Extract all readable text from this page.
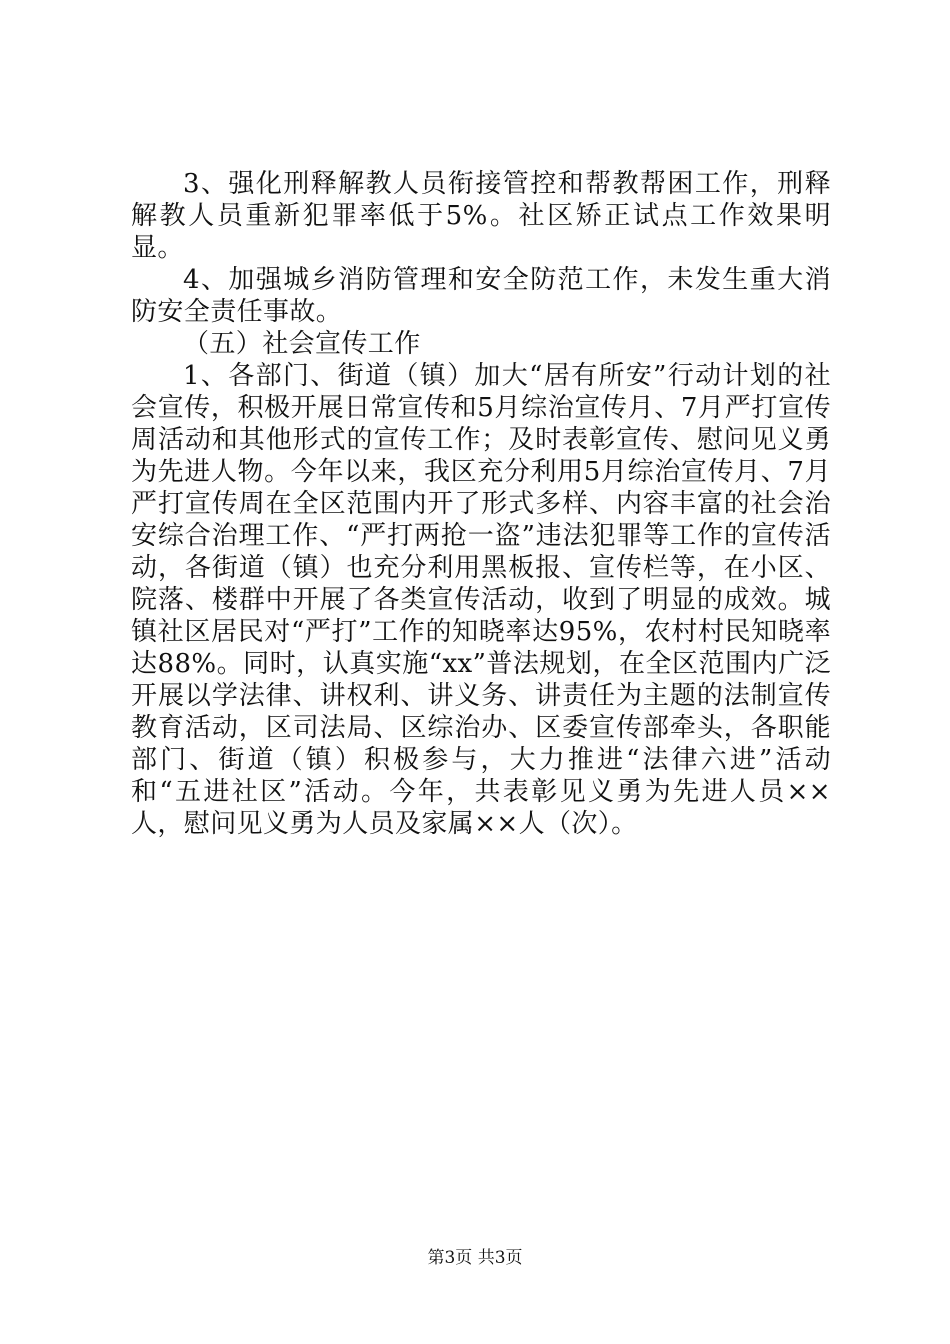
3、强化刑释解教人员衔接管控和帮教帮困工作，刑释解教人员重新犯罪率低于5%。社区矫正试点工作效果明显。

4、加强城乡消防管理和安全防范工作，未发生重大消防安全责任事故。

（五）社会宣传工作

1、各部门、街道（镇）加大“居有所安”行动计划的社会宣传，积极开展日常宣传和5月综治宣传月、7月严打宣传周活动和其他形式的宣传工作；及时表彰宣传、慰问见义勇为先进人物。今年以来，我区充分利用5月综治宣传月、7月严打宣传周在全区范围内开了形式多样、内容丰富的社会治安综合治理工作、“严打两抢一盗”违法犯罪等工作的宣传活动，各街道（镇）也充分利用黑板报、宣传栏等，在小区、院落、楼群中开展了各类宣传活动，收到了明显的成效。城镇社区居民对“严打”工作的知晓率达95%，农村村民知晓率达88%。同时，认真实施“xx”普法规划，在全区范围内广泛开展以学法律、讲权利、讲义务、讲责任为主题的法制宣传教育活动，区司法局、区综治办、区委宣传部牵头，各职能部门、街道（镇）积极参与，大力推进“法律六进”活动和“五进社区”活动。今年，共表彰见义勇为先进人员××人，慰问见义勇为人员及家属××人（次）。

第3页 共3页
